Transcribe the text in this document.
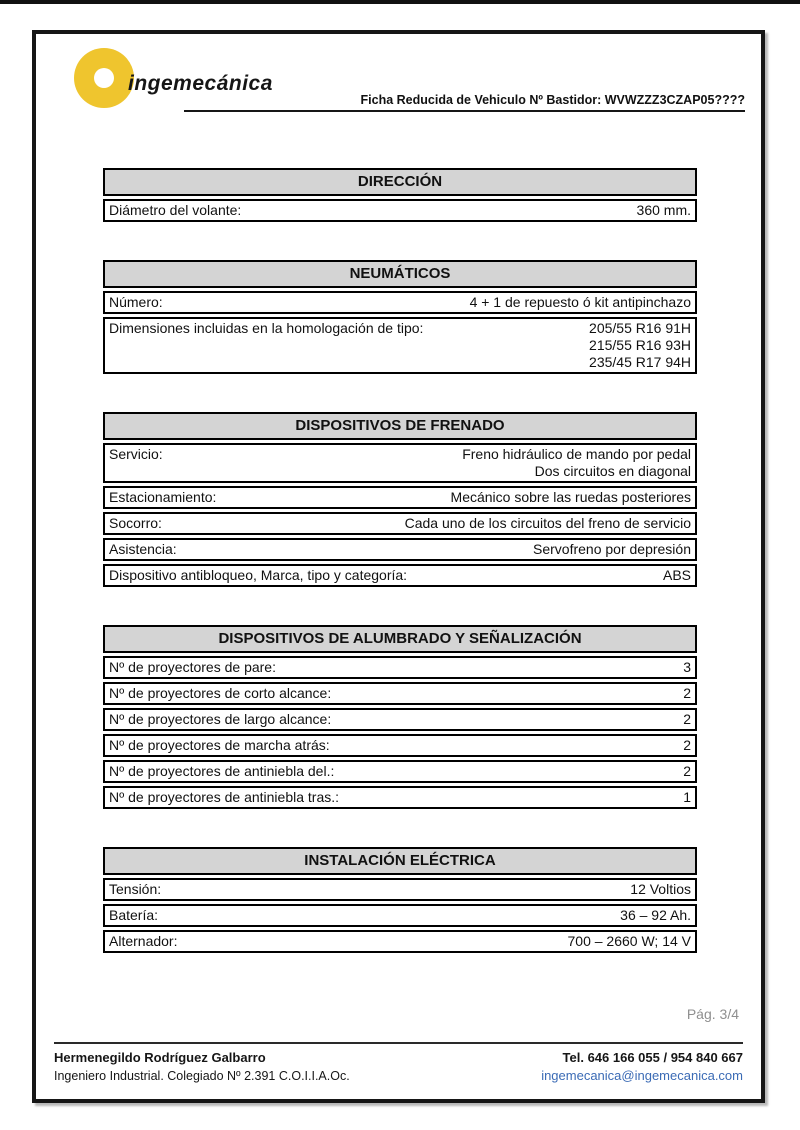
ingemecánica
Ficha Reducida de Vehiculo Nº Bastidor: WVWZZZ3CZAP05????
DIRECCIÓN
Diámetro del volante:	360 mm.
NEUMÁTICOS
Número:	4 + 1 de repuesto ó kit antipinchazo
Dimensiones incluidas en la homologación de tipo:	205/55 R16 91H
215/55 R16 93H
235/45 R17 94H
DISPOSITIVOS DE FRENADO
Servicio:	Freno hidráulico de mando por pedal
Dos circuitos en diagonal
Estacionamiento:	Mecánico sobre las ruedas posteriores
Socorro:	Cada uno de los circuitos del freno de servicio
Asistencia:	Servofreno por depresión
Dispositivo antibloqueo, Marca, tipo y categoría:	ABS
DISPOSITIVOS DE ALUMBRADO Y SEÑALIZACIÓN
Nº de proyectores de pare:	3
Nº de proyectores de corto alcance:	2
Nº de proyectores de largo alcance:	2
Nº de proyectores de marcha atrás:	2
Nº de proyectores de antiniebla del.:	2
Nº de proyectores de antiniebla tras.:	1
INSTALACIÓN ELÉCTRICA
Tensión:	12 Voltios
Batería:	36 – 92 Ah.
Alternador:	700 – 2660 W; 14 V
Pág. 3/4
Hermenegildo Rodríguez Galbarro
Ingeniero Industrial. Colegiado Nº 2.391 C.O.I.I.A.Oc.
Tel. 646 166 055 / 954 840 667
ingemecanica@ingemecanica.com
